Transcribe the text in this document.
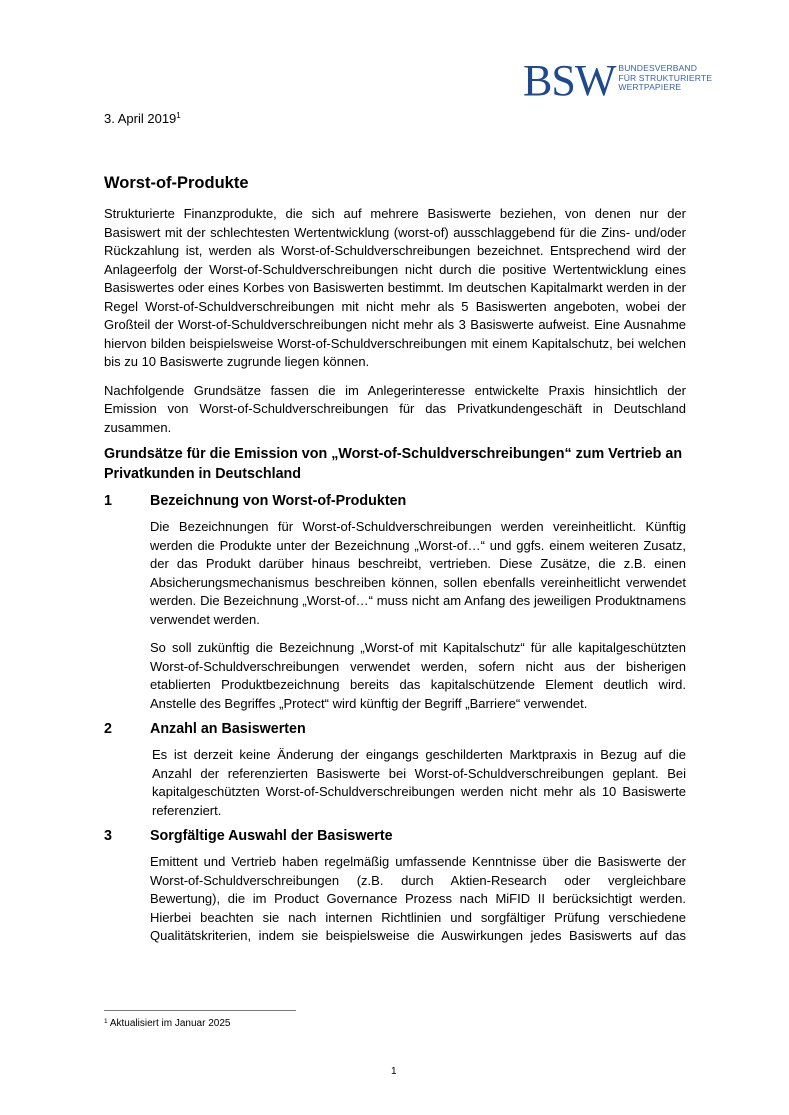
BSW BUNDESVERBAND
FÜR STRUKTURIERTE
WERTPAPIERE
3. April 2019$^1$
Worst-of-Produkte

Strukturierte Finanzprodukte, die sich auf mehrere Basiswerte beziehen, von denen nur der Basiswert mit der schlechtesten Wertentwicklung (worst-of) ausschlaggebend für die Zins- und/oder Rückzahlung ist, werden als Worst-of-Schuldverschreibungen bezeichnet. Entsprechend wird der Anlageerfolg der Worst-of-Schuldverschreibungen nicht durch die positive Wertentwicklung eines Basiswertes oder eines Korbes von Basiswerten bestimmt. Im deutschen Kapitalmarkt werden in der Regel Worst-of-Schuldverschreibungen mit nicht mehr als 5 Basiswerten angeboten, wobei der Großteil der Worst-of-Schuldverschreibungen nicht mehr als 3 Basiswerte aufweist. Eine Ausnahme hiervon bilden beispielsweise Worst-of-Schuldverschreibungen mit einem Kapitalschutz, bei welchen bis zu 10 Basiswerte zugrunde liegen können.

Nachfolgende Grundsätze fassen die im Anlegerinteresse entwickelte Praxis hinsichtlich der Emission von Worst-of-Schuldverschreibungen für das Privatkundengeschäft in Deutschland zusammen.

Grundsätze für die Emission von „Worst-of-Schuldverschreibungen“ zum Vertrieb an Privatkunden in Deutschland
1	Bezeichnung von Worst-of-Produkten

Die Bezeichnungen für Worst-of-Schuldverschreibungen werden vereinheitlicht. Künftig werden die Produkte unter der Bezeichnung „Worst-of…“ und ggfs. einem weiteren Zusatz, der das Produkt darüber hinaus beschreibt, vertrieben. Diese Zusätze, die z.B. einen Absicherungsmechanismus beschreiben können, sollen ebenfalls vereinheitlicht verwendet werden. Die Bezeichnung „Worst-of…“ muss nicht am Anfang des jeweiligen Produktnamens verwendet werden.

So soll zukünftig die Bezeichnung „Worst-of mit Kapitalschutz“ für alle kapitalgeschützten Worst-of-Schuldverschreibungen verwendet werden, sofern nicht aus der bisherigen etablierten Produktbezeichnung bereits das kapitalschützende Element deutlich wird. Anstelle des Begriffes „Protect“ wird künftig der Begriff „Barriere“ verwendet.

2	Anzahl an Basiswerten

Es ist derzeit keine Änderung der eingangs geschilderten Marktpraxis in Bezug auf die Anzahl der referenzierten Basiswerte bei Worst-of-Schuldverschreibungen geplant. Bei kapitalgeschützten Worst-of-Schuldverschreibungen werden nicht mehr als 10 Basiswerte referenziert.

3	Sorgfältige Auswahl der Basiswerte

Emittent und Vertrieb haben regelmäßig umfassende Kenntnisse über die Basiswerte der Worst-of-Schuldverschreibungen (z.B. durch Aktien-Research oder vergleichbare Bewertung), die im Product Governance Prozess nach MiFID II berücksichtigt werden. Hierbei beachten sie nach internen Richtlinien und sorgfältiger Prüfung verschiedene Qualitätskriterien, indem sie beispielsweise die Auswirkungen jedes Basiswerts auf das

$^1$ Aktualisiert im Januar 2025
1
